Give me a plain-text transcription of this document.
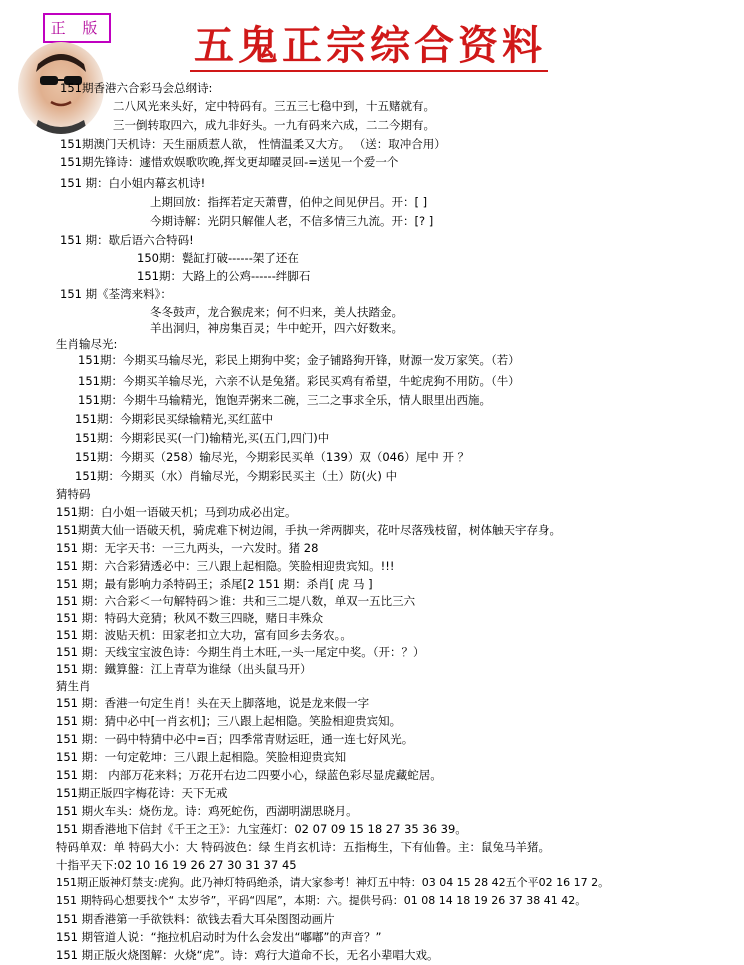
正 版 五鬼正宗综合资料
151期香港六合彩马会总纲诗:
二八风光来头好，定中特码有。三五三七稳中到，十五赌就有。
三一倒转取四六，成九非好头。一九有码来六成，二二今期有。
151期澳门天机诗：天生丽质惹人欲， 性情温柔又大方。 （送：取冲合用）
151期先锋诗：遽惜欢娱歌吹晚,挥戈更却曜灵回-=送见一个爱一个
151 期：白小姐内幕玄机诗!
上期回放：指挥若定天萧曹，伯仲之间见伊吕。开：[ ]
今期诗解：光阴只解催人老，不信多情三九流。开：[? ]
151 期：歇后语六合特码!
150期：甏缸打破------架了还在
151期：大路上的公鸡------绊脚石
151 期《荃湾来料》：
冬冬鼓声，龙合猴虎来；何不归来，美人扶踏金。
羊出洞归，神房集百灵；牛中蛇开，四六好数来。
生肖输尽光:
151期：今期买马输尽光，彩民上期狗中奖；金子铺路狗开锋，财源一发万家笑。（若）
151期：今期买羊输尽光，六亲不认是兔猪。彩民买鸡有希望，牛蛇虎狗不用防。（牛）
151期：今期牛马输精光，饱饱弄粥来二碗，三二之事求全乐，情人眼里出西施。
151期：今期彩民买绿输精光,买红蓝中
151期：今期彩民买(一门)输精光,买(五门,四门)中
151期：今期买（258）输尽光，今期彩民买单（139）双（046）尾中 开 ？
151期：今期买（水）肖输尽光，今期彩民买主（土）防(火) 中
猜特码
151期：白小姐一语破天机；马到功成必出定。
151期黄大仙一语破天机，骑虎难下树边闹，手执一斧两脚夹，花叶尽落残枝留，树体触天宇存身。
151 期：无字天书：一三九两头，一六发时。猪 28
151 期：六合彩猜透必中：三八跟上起相隐。笑脸相迎贵宾知。!!!
151 期；最有影响力杀特码王；杀尾[2 151 期：杀肖[ 虎 马 ]
151 期：六合彩＜一句解特码＞谁：共和三二堤八数，单双一五比三六
151 期：特码大竞猜；秋风不数三四晓，赌日丰殊众
151 期：波贴天机：田家老扣立大功，富有回乡去务农。。
151 期：天线宝宝波色诗：今期生肖土木旺,一头一尾定中奖。（开：？）
151 期：鐵算盤：江上青草为谁绿（出头鼠马开）
猜生肖
151 期：香港一句定生肖！头在天上脚落地，说是龙来假一字
151 期：猜中必中[一肖玄机]；三八跟上起相隐。笑脸相迎贵宾知。
151 期：一码中特猜中必中=百；四季常青财运旺，通一连七好风光。
151 期：一句定乾坤：三八跟上起相隐。笑脸相迎贵宾知
151 期： 内部万花来料；万花开右边二四要小心，绿蓝色彩尽显虎藏蛇居。
151期正版四字梅花诗：天下无戒
151 期火车头：烧伤龙。诗：鸡死蛇伤，西湖明湖思晓月。
151 期香港地下信封《千王之王》：九宝莲灯：02 07 09 15 18 27 35 36 39。
特码单双：单 特码大小：大 特码波色：绿 生肖玄机诗：五指梅生，下有仙鲁。主：鼠兔马羊猪。
十指平天下:02 10 16 19 26 27 30 31 37 45
151期正版神灯禁支:虎狗。此乃神灯特码绝杀，请大家参考！神灯五中特：03 04 15 28 42五个平02 16 17 2。
151 期特码心想要找个“ 太岁爷”，平码“四尾”，本期：六。提供号码：01 08 14 18 19 26 37 38 41 42。
151 期香港第一手欲铁料：欲钱去看大耳朵图图动画片
151 期管道人说：“拖拉机启动时为什么会发出“嘟嘟”的声音？”
151 期正版火烧图解：火烧“虎”。诗：鸡行大道命不长，无名小辈唱大戏。
